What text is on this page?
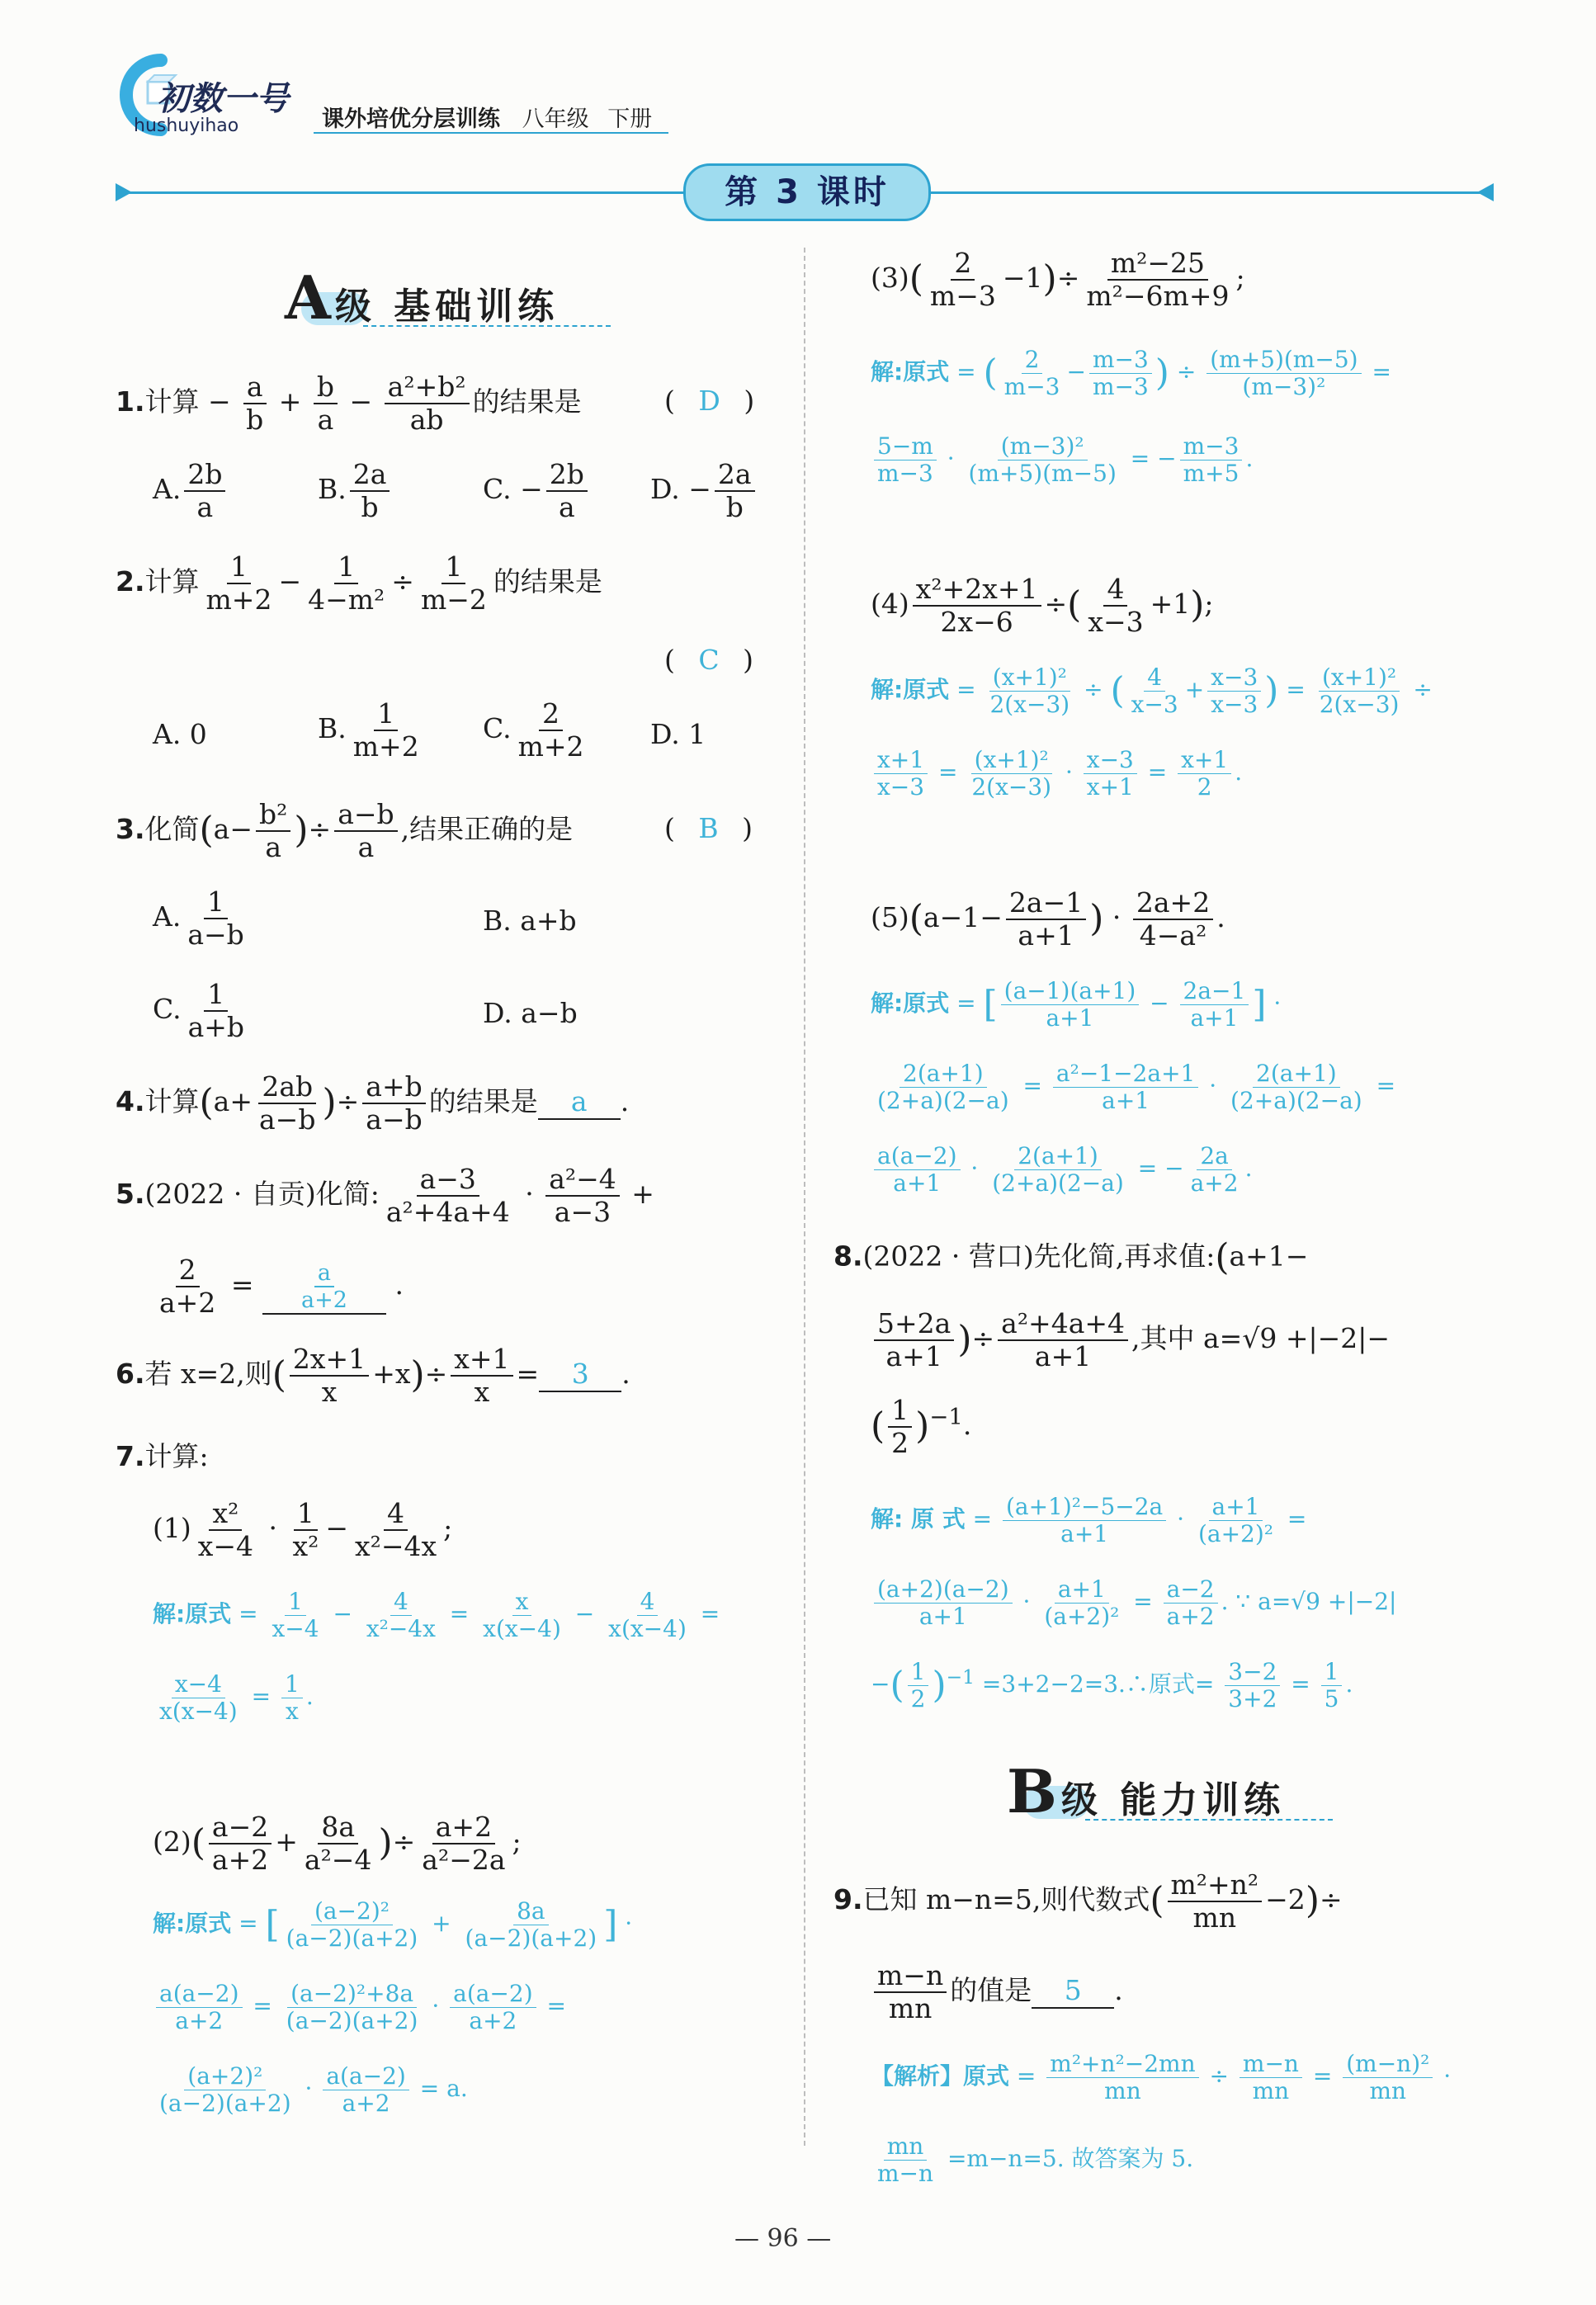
初数一号
hushuyihao	课外培优分层训练 八年级 下册
第 3 课时
A 级 基础训练
1.计算 − $\frac{a}{b} + \frac{b}{a} - \frac{\text{a²+b²}}{ab}$ 的结果是	( D )
A. $\frac{2b}{a}$	B. $\frac{2a}{b}$	C. − $\frac{2b}{a} D$. − $\frac{2a}{b}$
2.计算 $\frac{1}{m+2} - \frac{1}{\text{4−m²}} \div \frac{1}{m-2}$ 的结果是
( C )
A. 0	B. $\frac{1}{m+2} C$. $\frac{2}{m+2} D$. 1
3.化简($a- \frac{\text{b²}}{a}$ )÷ $\frac{a-b}{a}$ ,结果正确的是	( B )
A. $\frac{1}{a-b}$	B. a+b
C. $\frac{1}{a+b}$	D. a−b
4.计算($a+ \frac{2ab}{a-b}$ )÷ $\frac{a+b}{a-b}$ 的结果是 a .
5.(2022 · 自贡)化简: $\frac{a-3}{\text{a²+4a+4}} \cdot \frac{\text{a²−4}}{a-3}$ +
$\frac{2}{a+2} = \frac{a}{a+2}$ .
6.若 x=2,则( $\frac{2x+1}{x} +x)\div \frac{x+1}{x} = 3$ .
7.计算:
$(1) \frac{\text{x²}}{x-4} \cdot \frac{1}{\text{x²}} - \frac{4}{\text{x²−4x}}$ ;
解:原式 = $\frac{1}{x-4} - \frac{4}{\text{x²−4x}} = \frac{x}{x(x-4)} - \frac{4}{x(x-4)}$ =
$\frac{x-4}{x(x-4)} = \frac{1}{x}$ .
$(2)( \frac{a-2}{a+2} + \frac{8a}{\text{a²−4}}$ )÷ $\frac{a+2}{\text{a²−2a}}$ ;
解:原式 = [ $\frac{\text{(a−2)²}}{(a-2)(a+2)} + \frac{8a}{(a-2)(a+2)}$ ] ·
$\frac{a(a-2)}{a+2} = \frac{\text{(a−2)²+8a}}{(a-2)(a+2)} \cdot \frac{a(a-2)}{a+2}$ =
$\frac{\text{(a+2)²}}{(a-2)(a+2)} \cdot \frac{a(a-2)}{a+2} = a$.
$(3)( \frac{2}{m-3} -1)\div \frac{\text{m²−25}}{\text{m²−6m+9}}$ ;
解:原式 = ( $\frac{2}{m-3} - \frac{m-3}{m-3}$ ) ÷ $\frac{(m+5)(m-5)}{\text{(m−3)²}}$ =
$\frac{5-m}{m-3} \cdot \frac{\text{(m−3)²}}{(m+5)(m-5)}$ = − $\frac{m-3}{m+5}$ .
$(4) \frac{\text{x²+2x+1}}{2x-6}$ ÷( $\frac{4}{x-3} +1$);
解:原式 = $\frac{\text{(x+1)²}}{2(x-3)}$ ÷ ( $\frac{4}{x-3} + \frac{x-3}{x-3}$ ) = $\frac{\text{(x+1)²}}{2(x-3)}$ ÷
$\frac{x+1}{x-3} = \frac{\text{(x+1)²}}{2(x-3)} \cdot \frac{x-3}{x+1} = \frac{x+1}{2}$ .
$(5)(a-1- \frac{2a-1}{a+1}$ ) · $\frac{2a+2}{\text{4−a²}}$ .
解:原式 = [ $\frac{(a-1)(a+1)}{a+1} - \frac{2a-1}{a+1}$ ] ·
$\frac{2(a+1)}{(2+a)(2-a)} = \frac{\text{a²−1−2a+1}}{a+1} \cdot \frac{2(a+1)}{(2+a)(2-a)}$ =
$\frac{a(a-2)}{a+1} \cdot \frac{2(a+1)}{(2+a)(2-a)}$ = − $\frac{2a}{a+2}$ .
8.(2022 · 营口)先化简,再求值:(a+1−
$\frac{5+2a}{a+1}$ )÷ $\frac{\text{a²+4a+4}}{a+1}$ ,其中 a=√9 +|−2|−
( $\frac{1}{2} )^{-1}$.
解: 原 式 = $\frac{\text{(a+1)²−5−2a}}{a+1} \cdot \frac{a+1}{\text{(a+2)²}}$ =
$\frac{(a+2)(a-2)}{a+1} \cdot \frac{a+1}{\text{(a+2)²}} = \frac{a-2}{a+2}$ . ∵ a=√9 +|−2|
−( $\frac{1}{2} )^{-1}$ =3+2−2=3.∴原式= $\frac{3-2}{3+2} = \frac{1}{5}$ .
B 级 能力训练
9.已知 m−n=5,则代数式( $\frac{\text{m²+n²}}{mn} -2)\div$
$\frac{m-n}{mn}$ 的值是 5 .
【解析】原式 = $\frac{\text{m²+n²−2mn}}{mn} \div \frac{m-n}{mn} = \frac{\text{(m−n)²}}{mn}$ ·
$\frac{mn}{m-n} =m-n=5$. 故答案为 5.
— 96 —
